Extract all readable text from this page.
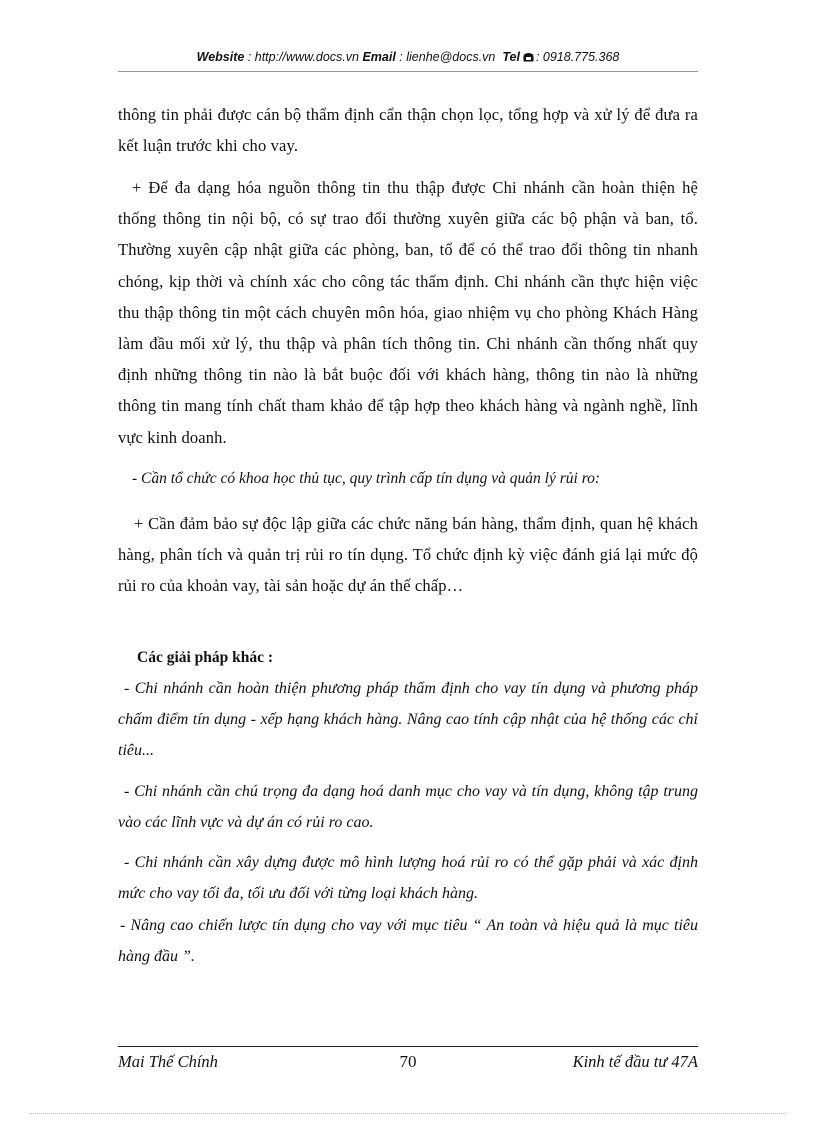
Website : http://www.docs.vn Email : lienhe@docs.vn Tel : 0918.775.368
thông tin phải được cán bộ thẩm định cẩn thận chọn lọc, tổng hợp và xử lý để đưa ra kết luận trước khi cho vay.
+ Để đa dạng hóa nguồn thông tin thu thập được Chi nhánh cần hoàn thiện hệ thống thông tin nội bộ, có sự trao đổi thường xuyên giữa các bộ phận và ban, tổ. Thường xuyên cập nhật giữa các phòng, ban, tổ để có thể trao đổi thông tin nhanh chóng, kịp thời và chính xác cho công tác thẩm định. Chi nhánh cần thực hiện việc thu thập thông tin một cách chuyên môn hóa, giao nhiệm vụ cho phòng Khách Hàng làm đầu mối xử lý, thu thập và phân tích thông tin. Chi nhánh cần thống nhất quy định những thông tin nào là bắt buộc đối với khách hàng, thông tin nào là những thông tin mang tính chất tham khảo để tập hợp theo khách hàng và ngành nghề, lĩnh vực kinh doanh.
- Cần tổ chức có khoa học thủ tục, quy trình cấp tín dụng và quản lý rủi ro:
+ Cần đảm bảo sự độc lập giữa các chức năng bán hàng, thẩm định, quan hệ khách hàng, phân tích và quản trị rủi ro tín dụng. Tổ chức định kỳ việc đánh giá lại mức độ rủi ro của khoản vay, tài sản hoặc dự án thế chấp…
Các giải pháp khác :
- Chi nhánh cần hoàn thiện phương pháp thẩm định cho vay tín dụng và phương pháp chấm điểm tín dụng - xếp hạng khách hàng. Nâng cao tính cập nhật của hệ thống các chỉ tiêu...
- Chi nhánh cần chú trọng đa dạng hoá danh mục cho vay và tín dụng, không tập trung vào các lĩnh vực và dự án có rủi ro cao.
- Chi nhánh cần xây dựng được mô hình lượng hoá rủi ro có thể gặp phải và xác định mức cho vay tối đa, tối ưu đối với từng loại khách hàng.
- Nâng cao chiến lược tín dụng cho vay với mục tiêu “ An toàn và hiệu quả là mục tiêu hàng đầu ”.
Mai Thế Chính	70	Kinh tế đầu tư 47A
